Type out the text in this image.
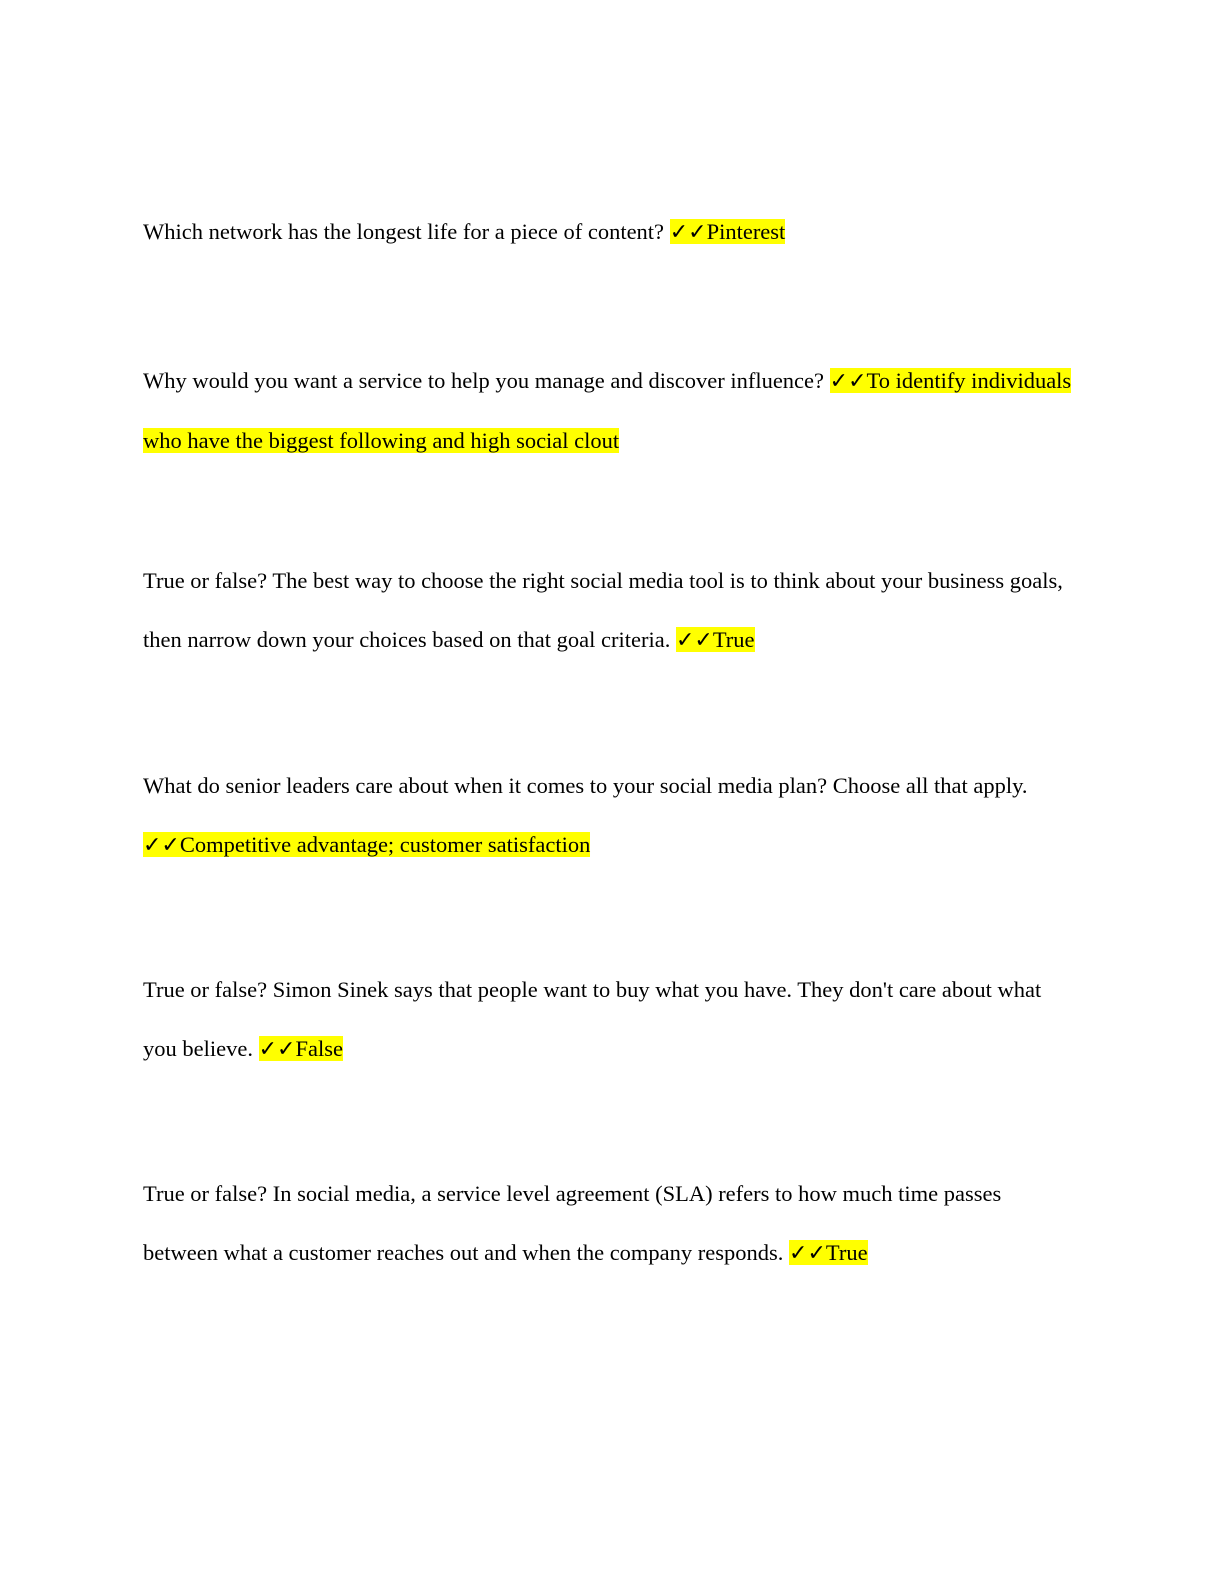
Which network has the longest life for a piece of content? ✓✓Pinterest

Why would you want a service to help you manage and discover influence? ✓✓To identify individuals who have the biggest following and high social clout

True or false? The best way to choose the right social media tool is to think about your business goals, then narrow down your choices based on that goal criteria. ✓✓True

What do senior leaders care about when it comes to your social media plan? Choose all that apply. ✓✓Competitive advantage; customer satisfaction

True or false? Simon Sinek says that people want to buy what you have. They don't care about what you believe. ✓✓False

True or false? In social media, a service level agreement (SLA) refers to how much time passes between what a customer reaches out and when the company responds. ✓✓True
